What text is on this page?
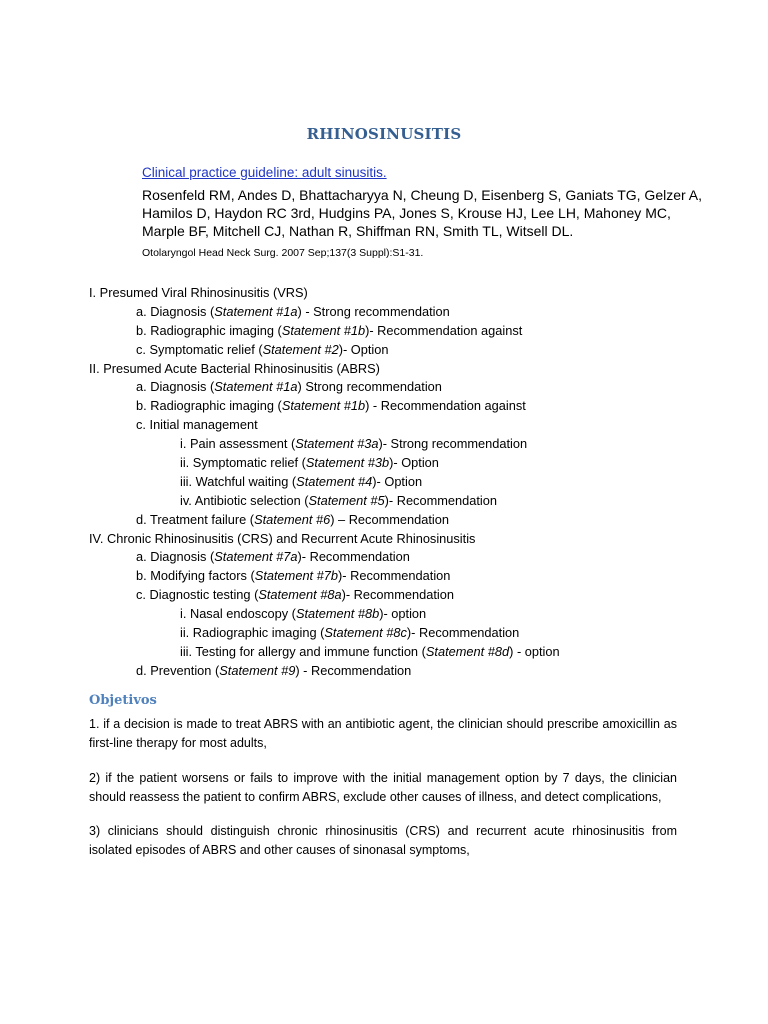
RHINOSINUSITIS
Clinical practice guideline: adult sinusitis.
Rosenfeld RM, Andes D, Bhattacharyya N, Cheung D, Eisenberg S, Ganiats TG, Gelzer A, Hamilos D, Haydon RC 3rd, Hudgins PA, Jones S, Krouse HJ, Lee LH, Mahoney MC, Marple BF, Mitchell CJ, Nathan R, Shiffman RN, Smith TL, Witsell DL.
Otolaryngol Head Neck Surg. 2007 Sep;137(3 Suppl):S1-31.
I. Presumed Viral Rhinosinusitis (VRS)
a. Diagnosis (Statement #1a) - Strong recommendation
b. Radiographic imaging (Statement #1b)- Recommendation against
c. Symptomatic relief (Statement #2)- Option
II. Presumed Acute Bacterial Rhinosinusitis (ABRS)
a. Diagnosis (Statement #1a) Strong recommendation
b. Radiographic imaging (Statement #1b) - Recommendation against
c. Initial management
i. Pain assessment (Statement #3a)- Strong recommendation
ii. Symptomatic relief (Statement #3b)- Option
iii. Watchful waiting (Statement #4)- Option
iv. Antibiotic selection (Statement #5)- Recommendation
d. Treatment failure (Statement #6) – Recommendation
IV. Chronic Rhinosinusitis (CRS) and Recurrent Acute Rhinosinusitis
a. Diagnosis (Statement #7a)- Recommendation
b. Modifying factors (Statement #7b)- Recommendation
c. Diagnostic testing (Statement #8a)- Recommendation
i. Nasal endoscopy (Statement #8b)- option
ii. Radiographic imaging (Statement #8c)- Recommendation
iii. Testing for allergy and immune function (Statement #8d) - option
d. Prevention (Statement #9) - Recommendation
Objetivos
1. if a decision is made to treat ABRS with an antibiotic agent, the clinician should prescribe amoxicillin as first-line therapy for most adults,
2) if the patient worsens or fails to improve with the initial management option by 7 days, the clinician should reassess the patient to confirm ABRS, exclude other causes of illness, and detect complications,
3) clinicians should distinguish chronic rhinosinusitis (CRS) and recurrent acute rhinosinusitis from isolated episodes of ABRS and other causes of sinonasal symptoms,
